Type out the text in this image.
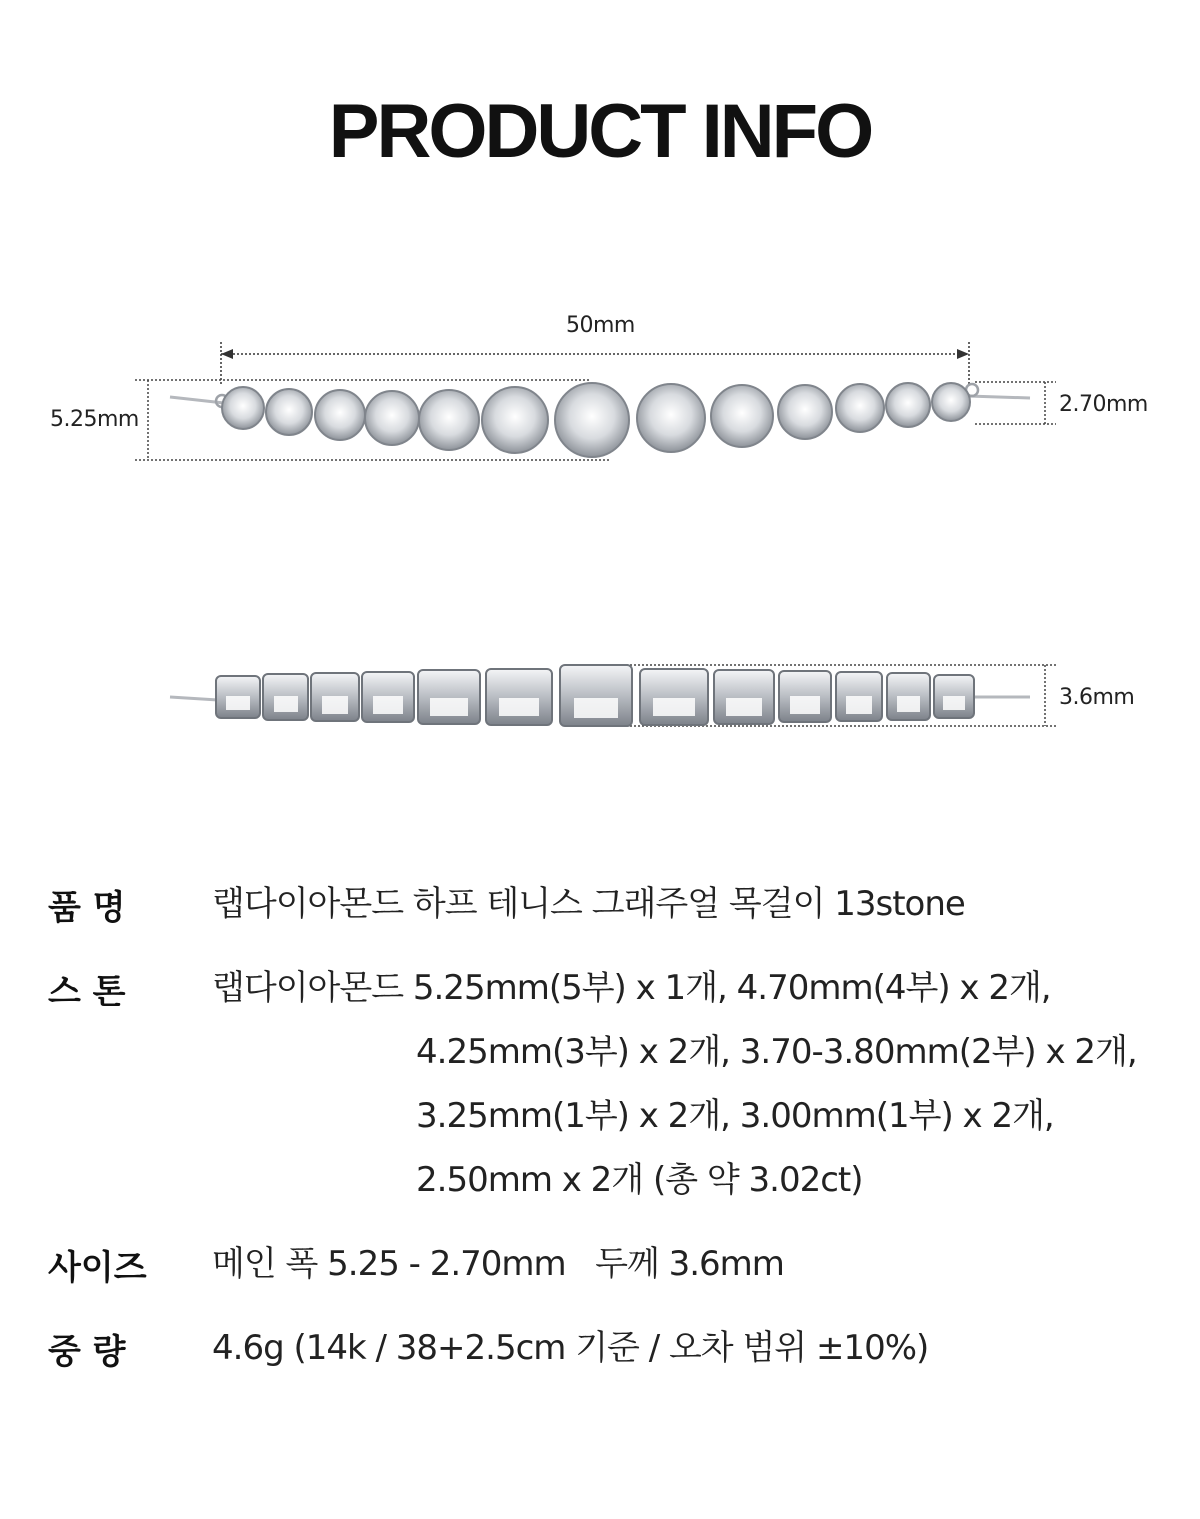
PRODUCT INFO
50mm
5.25mm
2.70mm
3.6mm
품 명	랩다이아몬드 하프 테니스 그래주얼 목걸이 13stone
스 톤	랩다이아몬드 5.25mm(5부) x 1개, 4.70mm(4부) x 2개,
4.25mm(3부) x 2개, 3.70-3.80mm(2부) x 2개,
3.25mm(1부) x 2개, 3.00mm(1부) x 2개,
2.50mm x 2개 (총 약 3.02ct)
사이즈 메인 폭 5.25 - 2.70mm   두께 3.6mm
중 량	4.6g (14k / 38+2.5cm 기준 / 오차 범위 ±10%)
